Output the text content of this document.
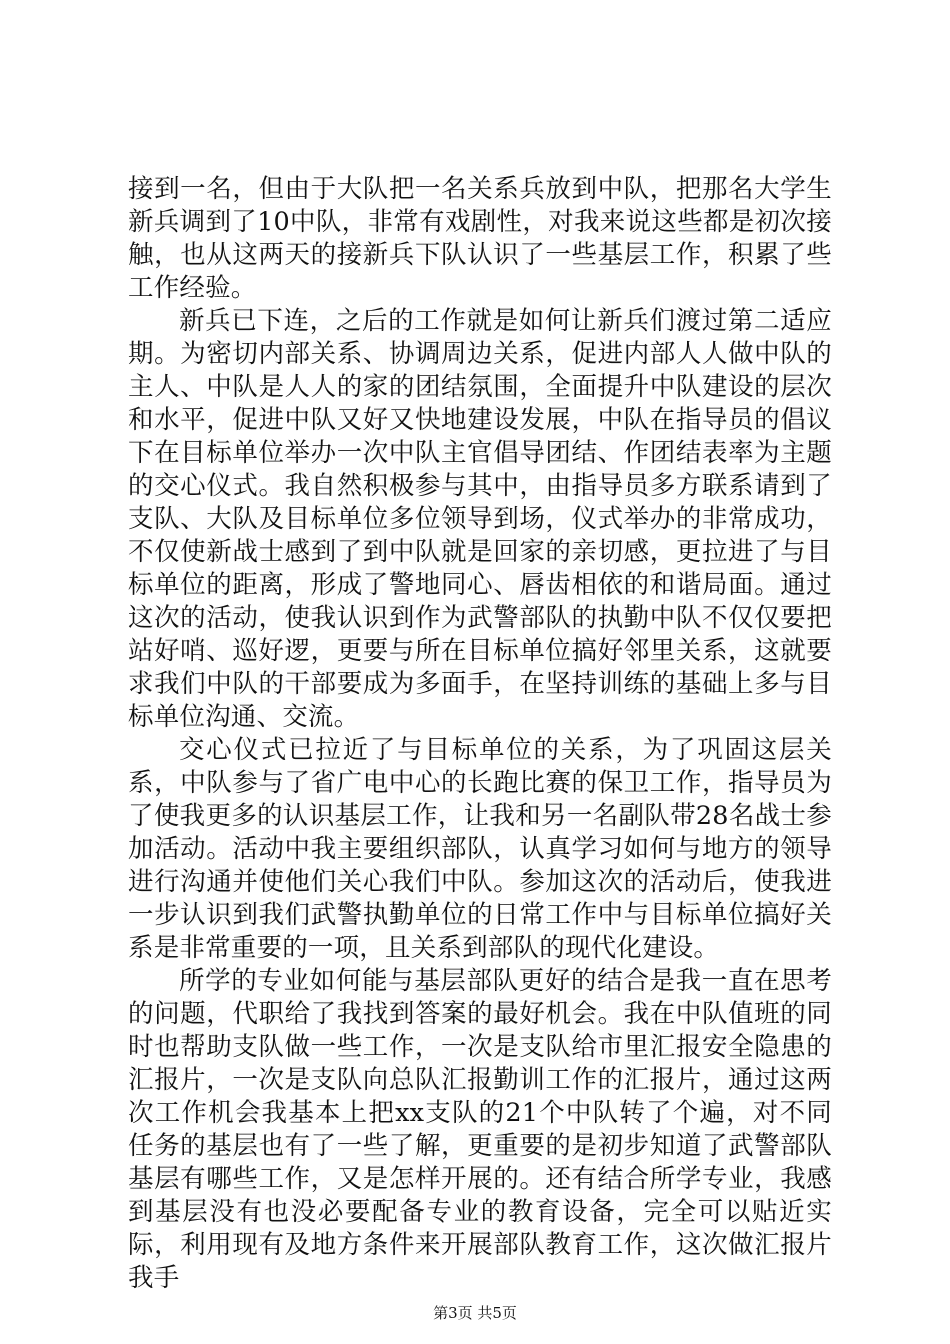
接到一名，但由于大队把一名关系兵放到中队，把那名大学生新兵调到了10中队，非常有戏剧性，对我来说这些都是初次接触，也从这两天的接新兵下队认识了一些基层工作，积累了些工作经验。

新兵已下连，之后的工作就是如何让新兵们渡过第二适应期。为密切内部关系、协调周边关系，促进内部人人做中队的主人、中队是人人的家的团结氛围，全面提升中队建设的层次和水平，促进中队又好又快地建设发展，中队在指导员的倡议下在目标单位举办一次中队主官倡导团结、作团结表率为主题的交心仪式。我自然积极参与其中，由指导员多方联系请到了支队、大队及目标单位多位领导到场，仪式举办的非常成功，不仅使新战士感到了到中队就是回家的亲切感，更拉进了与目标单位的距离，形成了警地同心、唇齿相依的和谐局面。通过这次的活动，使我认识到作为武警部队的执勤中队不仅仅要把站好哨、巡好逻，更要与所在目标单位搞好邻里关系，这就要求我们中队的干部要成为多面手，在坚持训练的基础上多与目标单位沟通、交流。

交心仪式已拉近了与目标单位的关系，为了巩固这层关系，中队参与了省广电中心的长跑比赛的保卫工作，指导员为了使我更多的认识基层工作，让我和另一名副队带28名战士参加活动。活动中我主要组织部队，认真学习如何与地方的领导进行沟通并使他们关心我们中队。参加这次的活动后，使我进一步认识到我们武警执勤单位的日常工作中与目标单位搞好关系是非常重要的一项，且关系到部队的现代化建设。

所学的专业如何能与基层部队更好的结合是我一直在思考的问题，代职给了我找到答案的最好机会。我在中队值班的同时也帮助支队做一些工作，一次是支队给市里汇报安全隐患的汇报片，一次是支队向总队汇报勤训工作的汇报片，通过这两次工作机会我基本上把xx支队的21个中队转了个遍，对不同任务的基层也有了一些了解，更重要的是初步知道了武警部队基层有哪些工作，又是怎样开展的。还有结合所学专业，我感到基层没有也没必要配备专业的教育设备，完全可以贴近实际，利用现有及地方条件来开展部队教育工作，这次做汇报片我手

第3页 共5页
